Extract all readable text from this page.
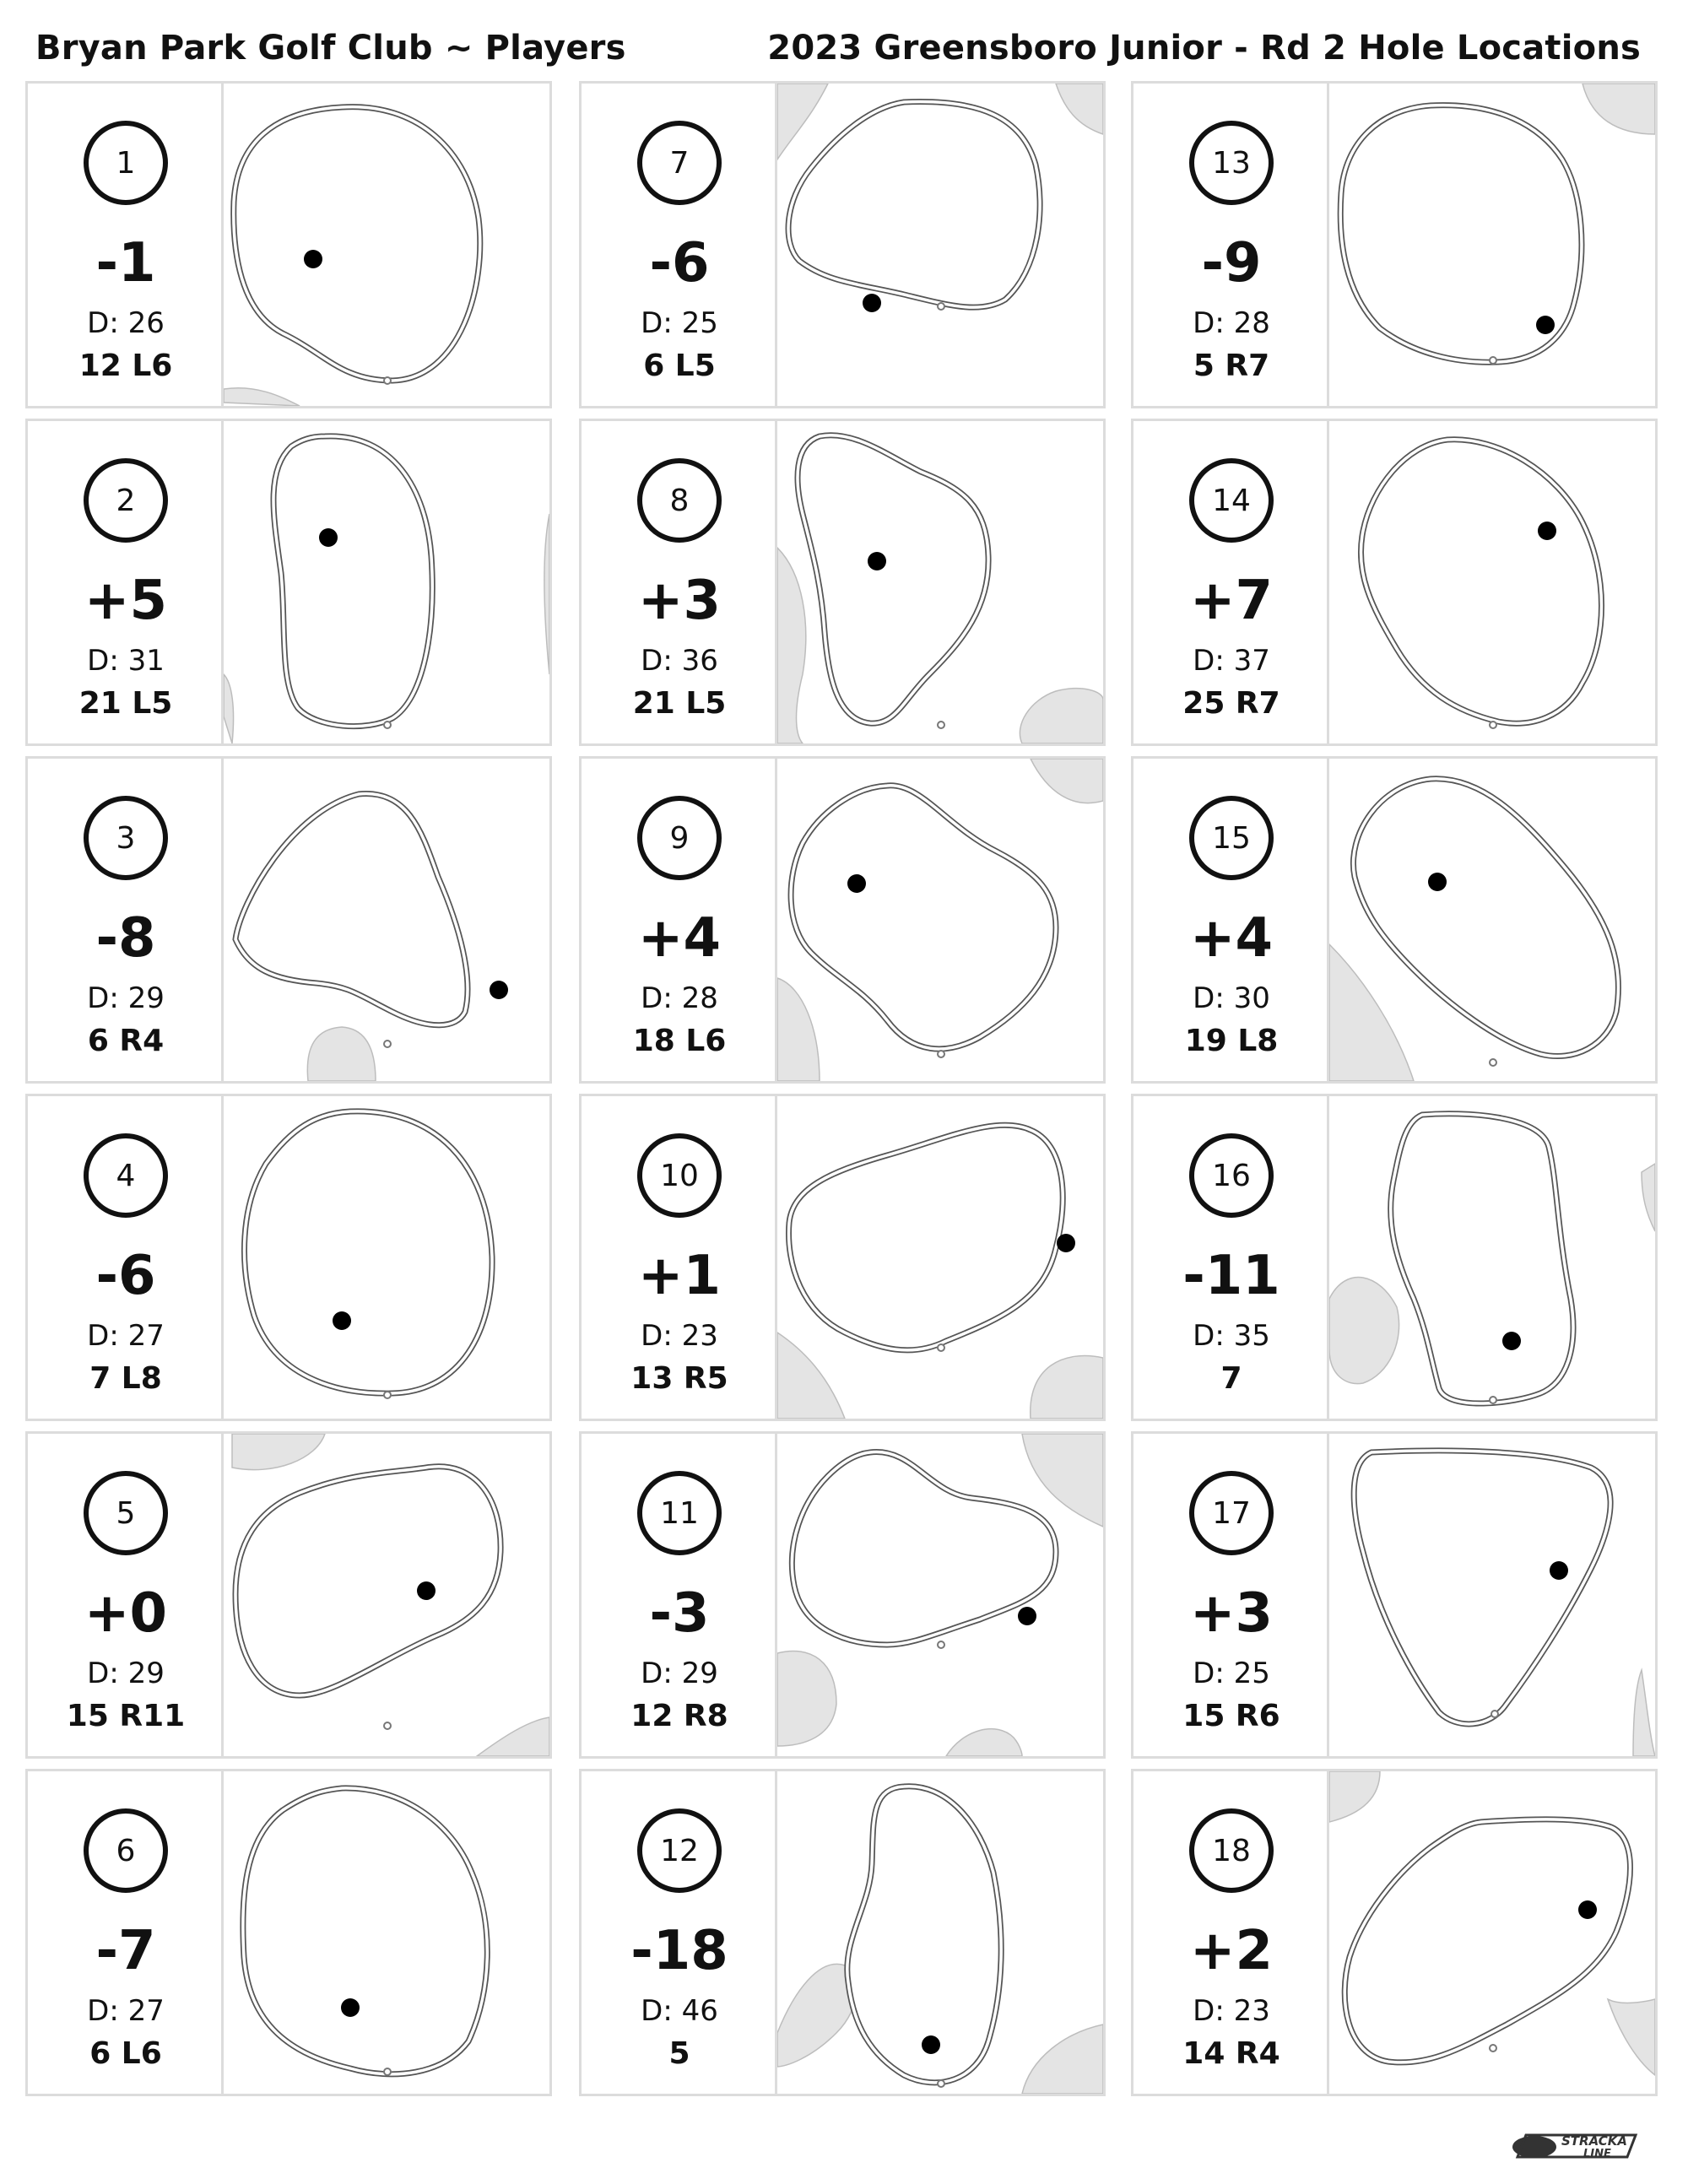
Bryan Park Golf Club ~ Players	2023 Greensboro Junior - Rd 2 Hole Locations
1
-1
D: 26
12 L6
2
+5
D: 31
21 L5
3
-8
D: 29
6 R4
4
-6
D: 27
7 L8
5
+0
D: 29
15 R11
6
-7
D: 27
6 L6
7
-6
D: 25
6 L5
8
+3
D: 36
21 L5
9
+4
D: 28
18 L6
10
+1
D: 23
13 R5
11
-3
D: 29
12 R8
12
-18
D: 46
5
13
-9
D: 28
5 R7
14
+7
D: 37
25 R7
15
+4
D: 30
19 L8
16
-11
D: 35
7
17
+3
D: 25
15 R6
18
+2
D: 23
14 R4
STRACKA
LINE
